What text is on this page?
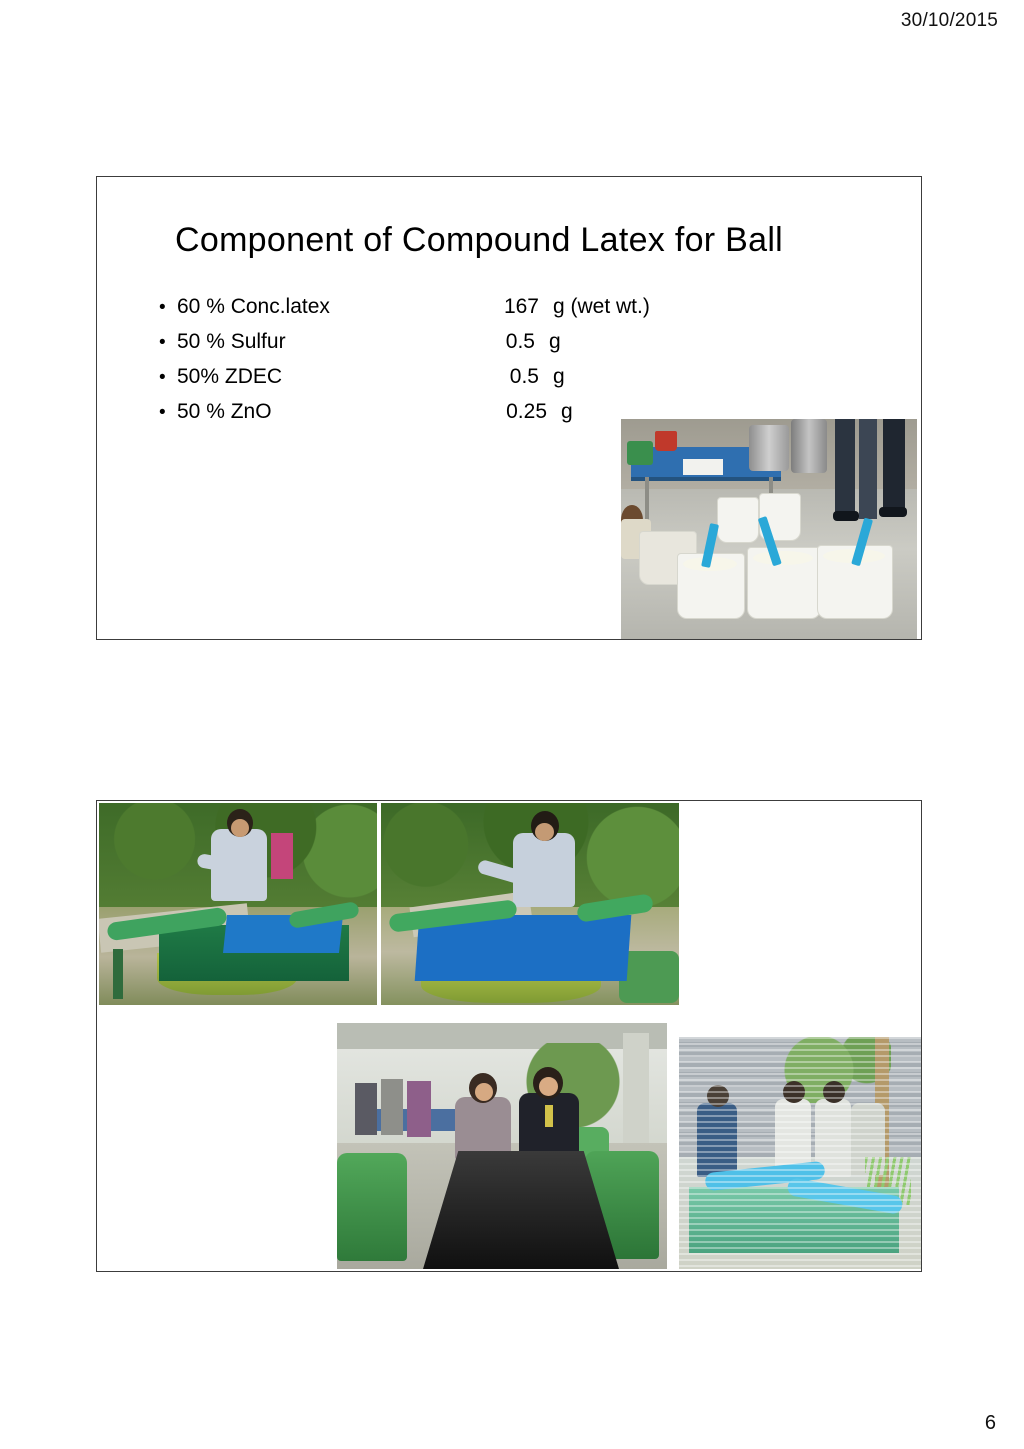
30/10/2015
Component of Compound Latex for Ball
• 60 % Conc.latex	167 g (wet wt.)
• 50 % Sulfur	0.5 g
• 50% ZDEC	0.5 g
• 50 % ZnO	0.25 g
6
